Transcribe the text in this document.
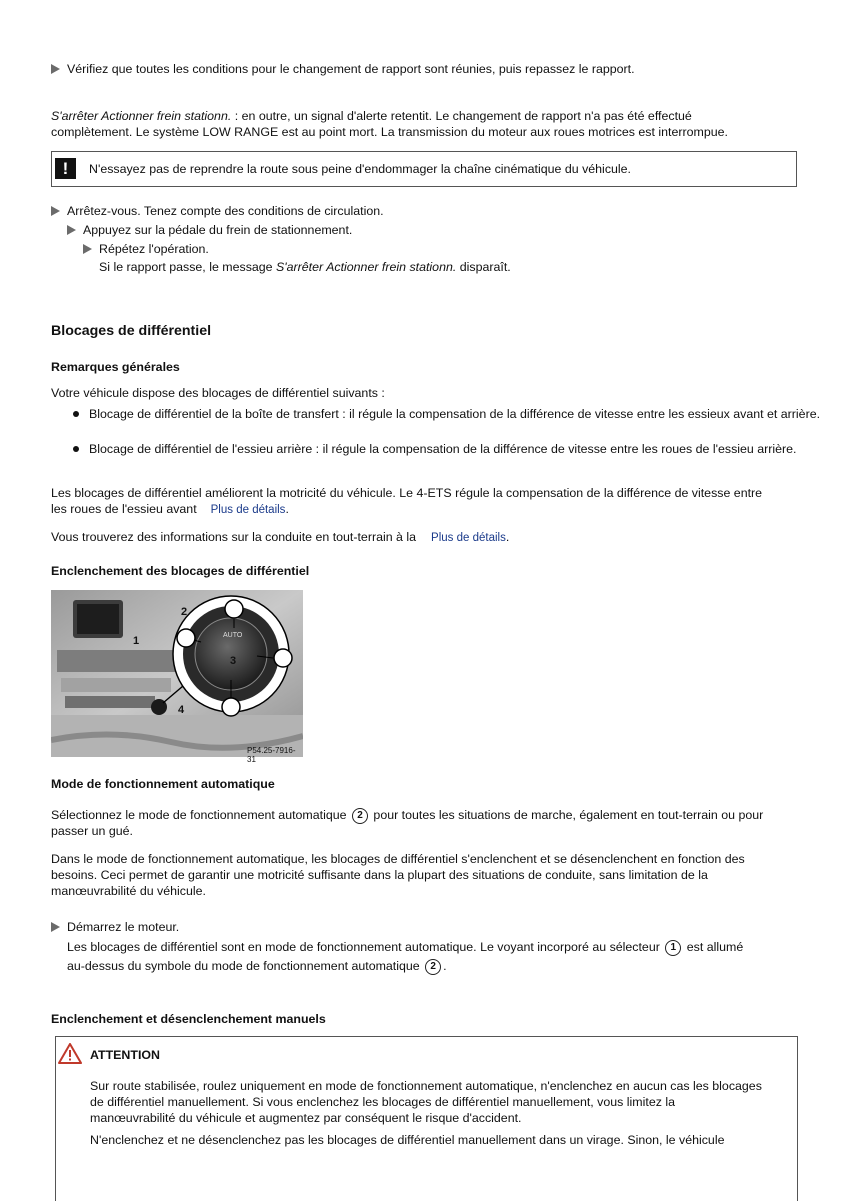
Vérifiez que toutes les conditions pour le changement de rapport sont réunies, puis repassez le rapport.
S'arrêter Actionner frein stationn. : en outre, un signal d'alerte retentit. Le changement de rapport n'a pas été effectué
complètement. Le système LOW RANGE est au point mort. La transmission du moteur aux roues motrices est interrompue.
!	N'essayez pas de reprendre la route sous peine d'endommager la chaîne cinématique du véhicule.
Arrêtez-vous. Tenez compte des conditions de circulation.
Appuyez sur la pédale du frein de stationnement.
Répétez l'opération.
Si le rapport passe, le message S'arrêter Actionner frein stationn. disparaît.
Blocages de différentiel
Remarques générales
Votre véhicule dispose des blocages de différentiel suivants :
Blocage de différentiel de la boîte de transfert : il régule la compensation de la différence de vitesse entre les essieux avant et arrière.
Blocage de différentiel de l'essieu arrière : il régule la compensation de la différence de vitesse entre les roues de l'essieu arrière.
Les blocages de différentiel améliorent la motricité du véhicule. Le 4-ETS régule la compensation de la différence de vitesse entre
les roues de l'essieu avant Plus de détails.
Vous trouverez des informations sur la conduite en tout-terrain à la Plus de détails.
Enclenchement des blocages de différentiel
1
2
3
4
AUTO
P54.25-7916-31
Mode de fonctionnement automatique
Sélectionnez le mode de fonctionnement automatique 2 pour toutes les situations de marche, également en tout-terrain ou pour
passer un gué.
Dans le mode de fonctionnement automatique, les blocages de différentiel s'enclenchent et se désenclenchent en fonction des
besoins. Ceci permet de garantir une motricité suffisante dans la plupart des situations de conduite, sans limitation de la
manœuvrabilité du véhicule.
Démarrez le moteur.
Les blocages de différentiel sont en mode de fonctionnement automatique. Le voyant incorporé au sélecteur 1 est allumé
au-dessus du symbole du mode de fonctionnement automatique 2 .
Enclenchement et désenclenchement manuels
ATTENTION
Sur route stabilisée, roulez uniquement en mode de fonctionnement automatique, n'enclenchez en aucun cas les blocages
de différentiel manuellement. Si vous enclenchez les blocages de différentiel manuellement, vous limitez la
manœuvrabilité du véhicule et augmentez par conséquent le risque d'accident.
N'enclenchez et ne désenclenchez pas les blocages de différentiel manuellement dans un virage. Sinon, le véhicule
